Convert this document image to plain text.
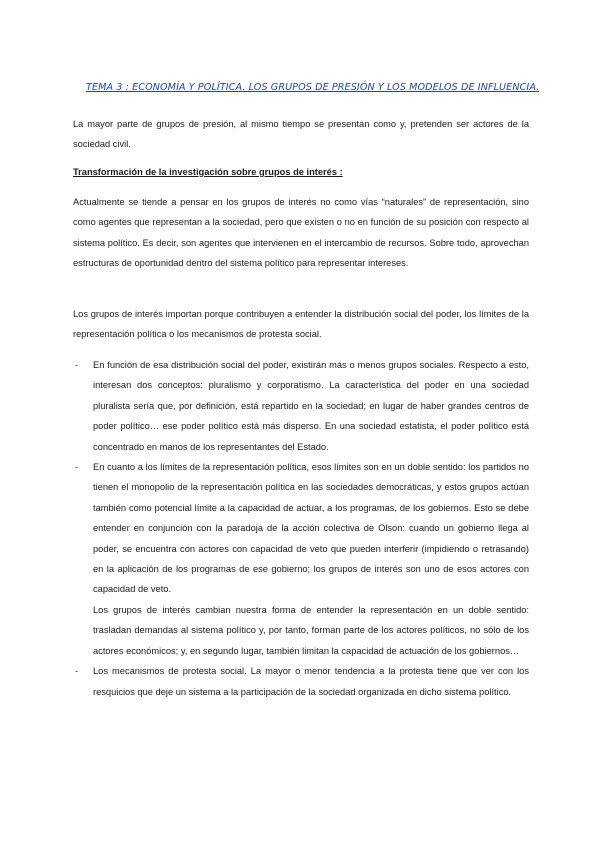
TEMA 3 : ECONOMÍA Y POLÍTICA. LOS GRUPOS DE PRESIÓN Y LOS MODELOS DE INFLUENCIA.
La mayor parte de grupos de presión, al mismo tiempo se presentan como y, pretenden ser actores de la sociedad civil.
Transformación de la investigación sobre grupos de interés :
Actualmente se tiende a pensar en los grupos de interés no como vías “naturales” de representación, sino como agentes que representan a la sociedad, pero que existen o no en función de su posición con respecto al sistema político. Es decir, son agentes que intervienen en el intercambio de recursos. Sobre todo, aprovechan estructuras de oportunidad dentro del sistema político para representar intereses.
Los grupos de interés importan porque contribuyen a entender la distribución social del poder, los límites de la representación política o los mecanismos de protesta social.
- En función de esa distribución social del poder, existirán más o menos grupos sociales. Respecto a esto, interesan dos conceptos: pluralismo y corporatismo. La característica del poder en una sociedad pluralista sería que, por definición, está repartido en la sociedad; en lugar de haber grandes centros de poder político… ese poder político está más disperso. En una sociedad estatista, el poder político está concentrado en manos de los representantes del Estado.
- En cuanto a los límites de la representación política, esos límites son en un doble sentido: los partidos no tienen el monopolio de la representación política en las sociedades democráticas, y estos grupos actúan también como potencial límite a la capacidad de actuar, a los programas, de los gobiernos. Esto se debe entender en conjunción con la paradoja de la acción colectiva de Olson: cuando un gobierno llega al poder, se encuentra con actores con capacidad de veto que pueden interferir (impidiendo o retrasando) en la aplicación de los programas de ese gobierno; los grupos de interés son uno de esos actores con capacidad de veto.
Los grupos de interés cambian nuestra forma de entender la representación en un doble sentido: trasladan demandas al sistema político y, por tanto, forman parte de los actores políticos, no sólo de los actores económicos; y, en segundo lugar, también limitan la capacidad de actuación de los gobiernos…
- Los mecanismos de protesta social. La mayor o menor tendencia a la protesta tiene que ver con los resquicios que deje un sistema a la participación de la sociedad organizada en dicho sistema político.
